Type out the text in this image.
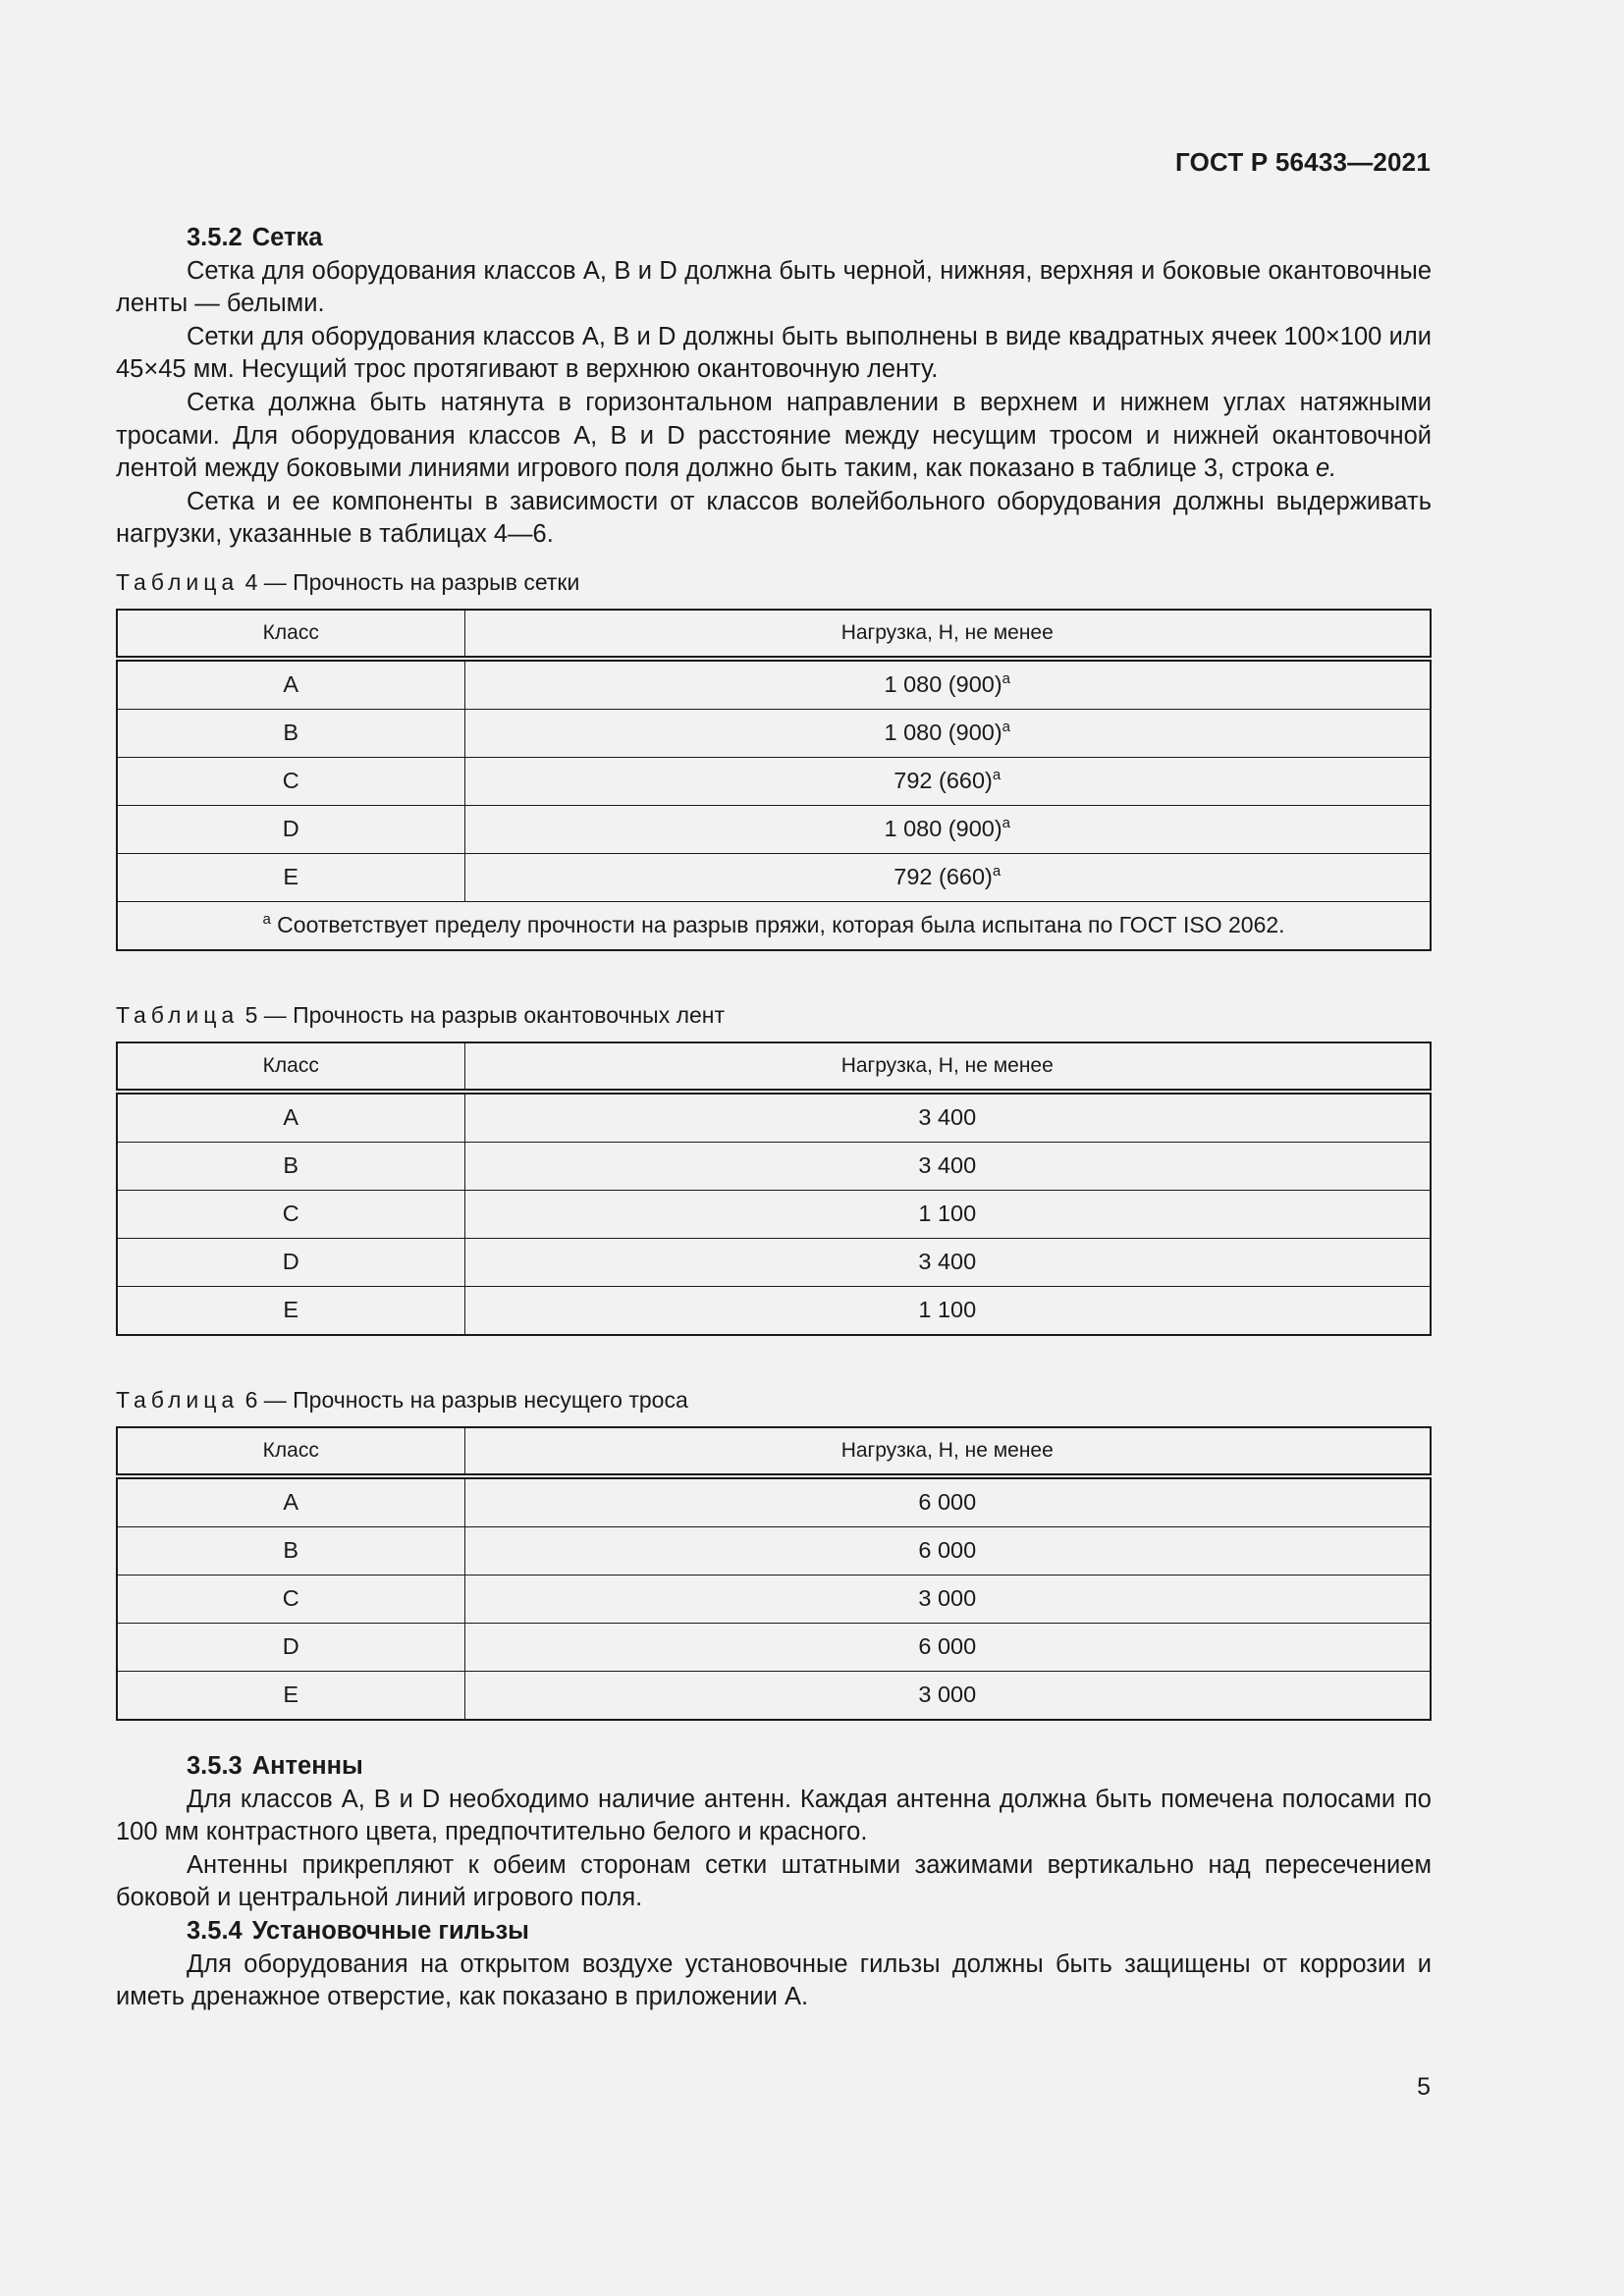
ГОСТ Р 56433—2021
3.5.2 Сетка

Сетка для оборудования классов А, В и D должна быть черной, нижняя, верхняя и боковые окантовочные ленты — белыми.

Сетки для оборудования классов А, В и D должны быть выполнены в виде квадратных ячеек 100×100 или 45×45 мм. Несущий трос протягивают в верхнюю окантовочную ленту.

Сетка должна быть натянута в горизонтальном направлении в верхнем и нижнем углах натяжными тросами. Для оборудования классов А, В и D расстояние между несущим тросом и нижней окантовочной лентой между боковыми линиями игрового поля должно быть таким, как показано в таблице 3, строка е.

Сетка и ее компоненты в зависимости от классов волейбольного оборудования должны выдерживать нагрузки, указанные в таблицах 4—6.

Таблица 4 — Прочность на разрыв сетки
Класс	Нагрузка, Н, не менее
А	1 080 $(900)^a$
В	1 080 $(900)^a$
С	792 $(660)^a$
D	1 080 $(900)^a$
Е	792 $(660)^a$
$^a$ Соответствует пределу прочности на разрыв пряжи, которая была испытана по ГОСТ ISO 2062.	
Таблица 5 — Прочность на разрыв окантовочных лент
Класс	Нагрузка, Н, не менее
А	3 400
В	3 400
С	1 100
D	3 400
Е	1 100
Таблица 6 — Прочность на разрыв несущего троса
Класс	Нагрузка, Н, не менее
А	6 000
В	6 000
С	3 000
D	6 000
Е	3 000
3.5.3 Антенны

Для классов А, В и D необходимо наличие антенн. Каждая антенна должна быть помечена полосами по 100 мм контрастного цвета, предпочтительно белого и красного.

Антенны прикрепляют к обеим сторонам сетки штатными зажимами вертикально над пересечением боковой и центральной линий игрового поля.

3.5.4 Установочные гильзы

Для оборудования на открытом воздухе установочные гильзы должны быть защищены от коррозии и иметь дренажное отверстие, как показано в приложении А.

5
